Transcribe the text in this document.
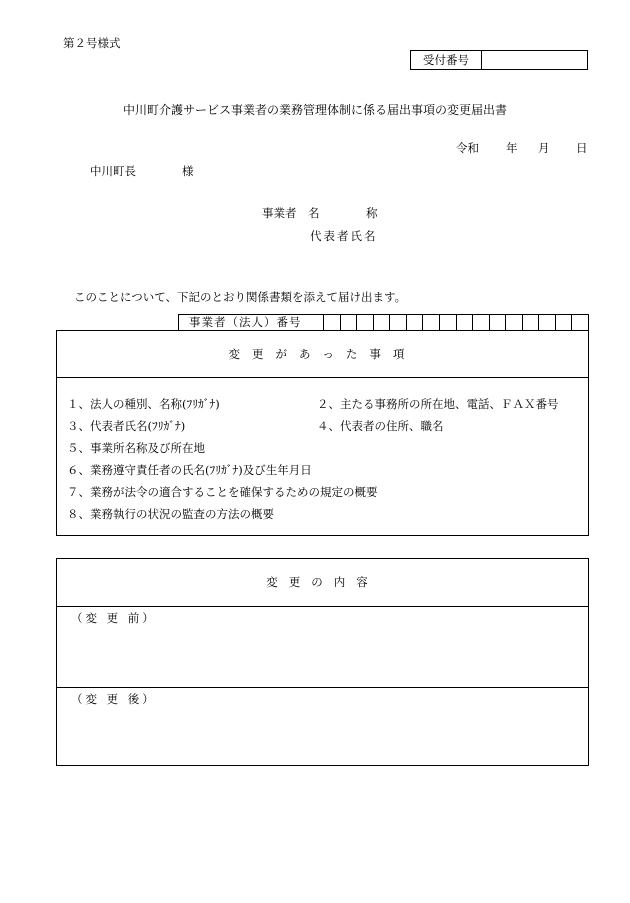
第２号様式
受付番号
中川町介護サービス事業者の業務管理体制に係る届出事項の変更届出書
令和 年 月 日
中川町長	様
事業者 名	称
代表者氏名
このことについて、下記のとおり関係書類を添えて届け出ます。
事業者（法人）番号
変更があった事項
１、法人の種別、名称(ﾌﾘｶﾞﾅ)	２、主たる事務所の所在地、電話、ＦＡＸ番号
３、代表者氏名(ﾌﾘｶﾞﾅ)	４、代表者の住所、職名
５、事業所名称及び所在地
６、業務遵守責任者の氏名(ﾌﾘｶﾞﾅ)及び生年月日
７、業務が法令の適合することを確保するための規定の概要
８、業務執行の状況の監査の方法の概要
変更の内容
（変 更 前）
（変 更 後）
